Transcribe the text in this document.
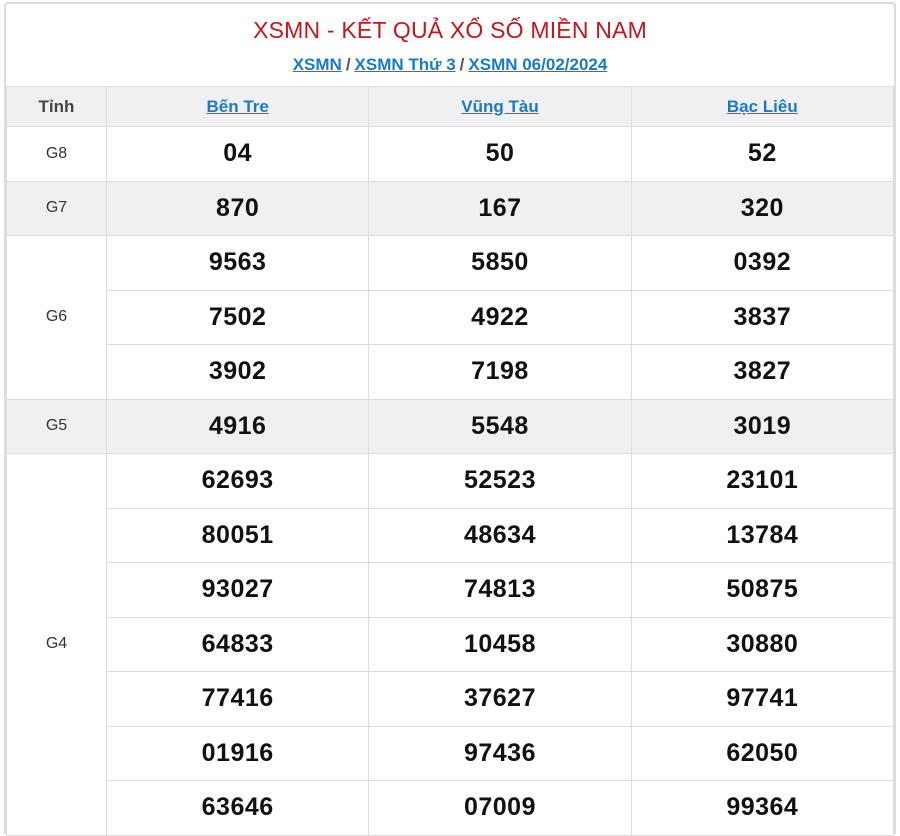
XSMN - KẾT QUẢ XỔ SỐ MIỀN NAM
XSMN / XSMN Thứ 3 / XSMN 06/02/2024
Tỉnh	Bến Tre	Vũng Tàu	Bạc Liêu
G8	04	50	52
G7	870	167	320
G6	9563	5850	0392
	7502	4922	3837
	3902	7198	3827
G5	4916	5548	3019
G4	62693	52523	23101
	80051	48634	13784
	93027	74813	50875
	64833	10458	30880
	77416	37627	97741
	01916	97436	62050
	63646	07009	99364
